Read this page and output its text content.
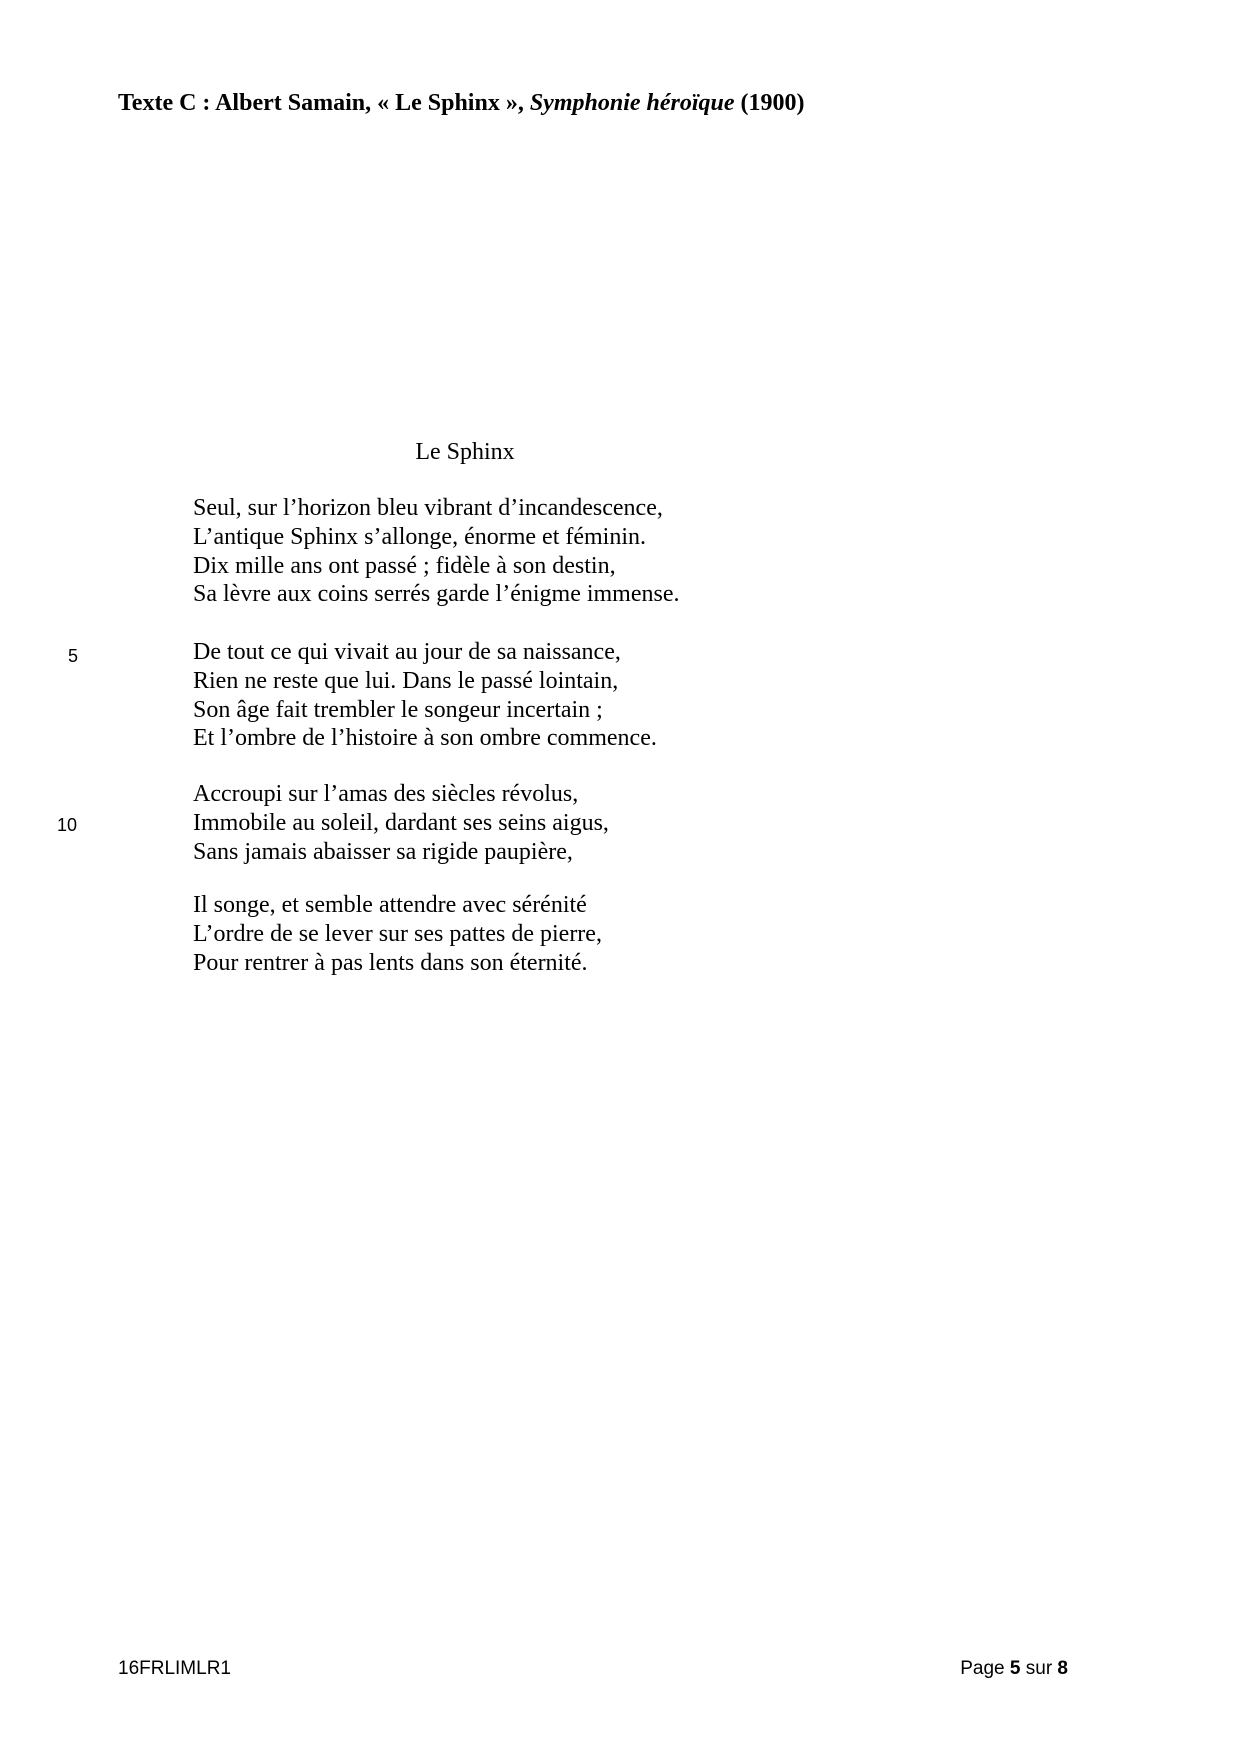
Texte C : Albert Samain, « Le Sphinx », Symphonie héroïque (1900)
Le Sphinx
Seul, sur l’horizon bleu vibrant d’incandescence,
L’antique Sphinx s’allonge, énorme et féminin.
Dix mille ans ont passé ; fidèle à son destin,
Sa lèvre aux coins serrés garde l’énigme immense.
De tout ce qui vivait au jour de sa naissance,
Rien ne reste que lui. Dans le passé lointain,
Son âge fait trembler le songeur incertain ;
Et l’ombre de l’histoire à son ombre commence.
Accroupi sur l’amas des siècles révolus,
Immobile au soleil, dardant ses seins aigus,
Sans jamais abaisser sa rigide paupière,
Il songe, et semble attendre avec sérénité
L’ordre de se lever sur ses pattes de pierre,
Pour rentrer à pas lents dans son éternité.
5
10
16FRLIMLR1	Page 5 sur 8
